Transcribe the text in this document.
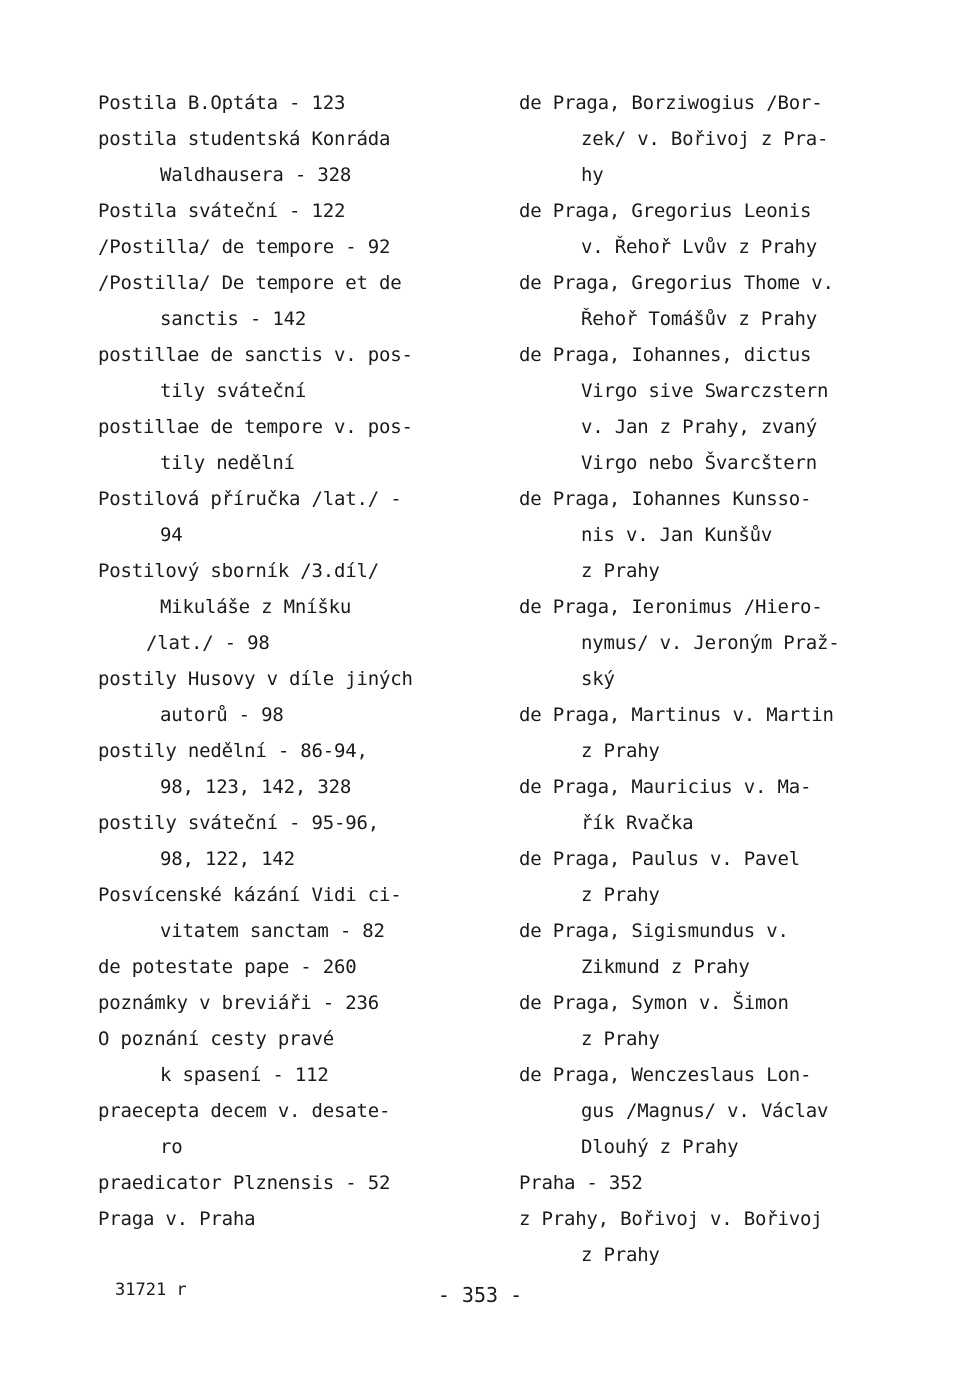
Postila B.Optáta - 123
postila studentská Konráda
Waldhausera - 328
Postila sváteční - 122
/Postilla/ de tempore - 92
/Postilla/ De tempore et de
sanctis - 142
postillae de sanctis v. pos-
tily sváteční
postillae de tempore v. pos-
tily nedělní
Postilová příručka /lat./ -
94
Postilový sborník /3.díl/
Mikuláše z Mníšku
/lat./ - 98
postily Husovy v díle jiných
autorů - 98
postily nedělní - 86-94,
98, 123, 142, 328
postily sváteční - 95-96,
98, 122, 142
Posvícenské kázání Vidi ci-
vitatem sanctam - 82
de potestate pape - 260
poznámky v breviáři - 236
O poznání cesty pravé
k spasení - 112
praecepta decem v. desate-
ro
praedicator Plznensis - 52
Praga v. Praha
de Praga, Borziwogius /Bor-
zek/ v. Bořivoj z Pra-
hy
de Praga, Gregorius Leonis
v. Řehoř Lvův z Prahy
de Praga, Gregorius Thome v.
Řehoř Tomášův z Prahy
de Praga, Iohannes, dictus
Virgo sive Swarczstern
v. Jan z Prahy, zvaný
Virgo nebo Švarcštern
de Praga, Iohannes Kunsso-
nis v. Jan Kunšův
z Prahy
de Praga, Ieronimus /Hiero-
nymus/ v. Jeroným Praž-
ský
de Praga, Martinus v. Martin
z Prahy
de Praga, Mauricius v. Ma-
řík Rvačka
de Praga, Paulus v. Pavel
z Prahy
de Praga, Sigismundus v.
Zikmund z Prahy
de Praga, Symon v. Šimon
z Prahy
de Praga, Wenczeslaus Lon-
gus /Magnus/ v. Václav
Dlouhý z Prahy
Praha - 352
z Prahy, Bořivoj v. Bořivoj
z Prahy
31721 r	- 353 -
